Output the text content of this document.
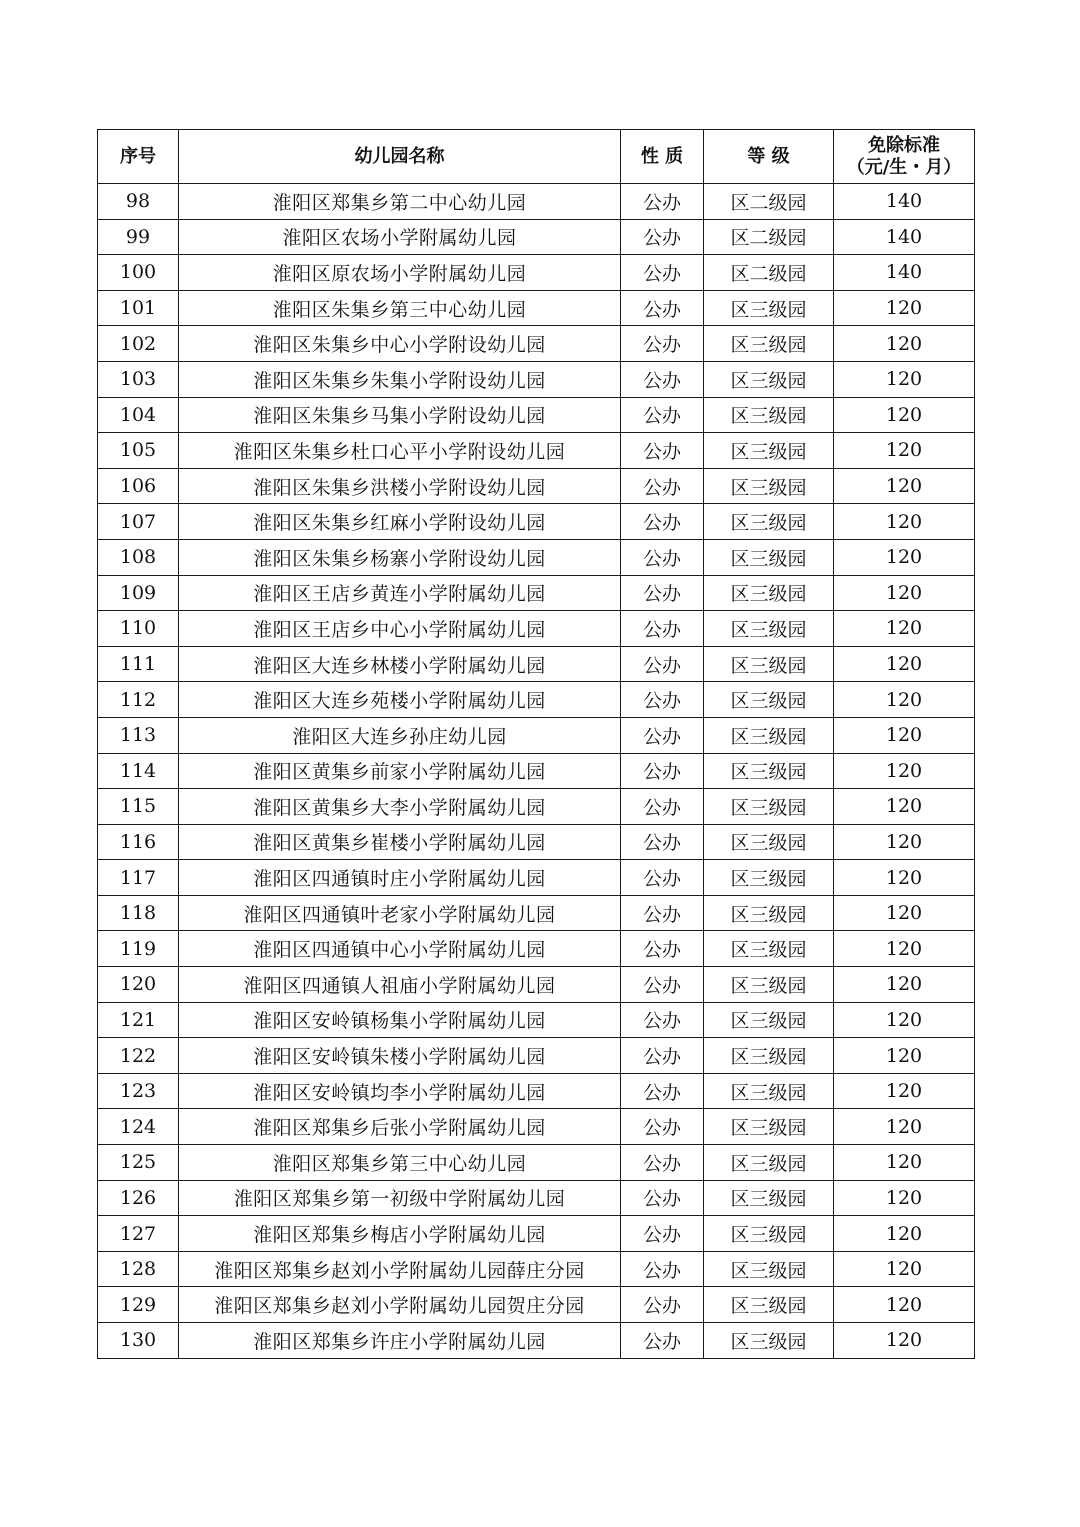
序号	幼儿园名称	性 质	等 级	免除标准
（元/生・月）

98	淮阳区郑集乡第二中心幼儿园	公办	区二级园	140
99	淮阳区农场小学附属幼儿园	公办	区二级园	140
100	淮阳区原农场小学附属幼儿园	公办	区二级园	140
101	淮阳区朱集乡第三中心幼儿园	公办	区三级园	120
102	淮阳区朱集乡中心小学附设幼儿园	公办	区三级园	120
103	淮阳区朱集乡朱集小学附设幼儿园	公办	区三级园	120
104	淮阳区朱集乡马集小学附设幼儿园	公办	区三级园	120
105	淮阳区朱集乡杜口心平小学附设幼儿园	公办	区三级园	120
106	淮阳区朱集乡洪楼小学附设幼儿园	公办	区三级园	120
107	淮阳区朱集乡红麻小学附设幼儿园	公办	区三级园	120
108	淮阳区朱集乡杨寨小学附设幼儿园	公办	区三级园	120
109	淮阳区王店乡黄连小学附属幼儿园	公办	区三级园	120
110	淮阳区王店乡中心小学附属幼儿园	公办	区三级园	120
111	淮阳区大连乡林楼小学附属幼儿园	公办	区三级园	120
112	淮阳区大连乡苑楼小学附属幼儿园	公办	区三级园	120
113	淮阳区大连乡孙庄幼儿园	公办	区三级园	120
114	淮阳区黄集乡前家小学附属幼儿园	公办	区三级园	120
115	淮阳区黄集乡大李小学附属幼儿园	公办	区三级园	120
116	淮阳区黄集乡崔楼小学附属幼儿园	公办	区三级园	120
117	淮阳区四通镇时庄小学附属幼儿园	公办	区三级园	120
118	淮阳区四通镇叶老家小学附属幼儿园	公办	区三级园	120
119	淮阳区四通镇中心小学附属幼儿园	公办	区三级园	120
120	淮阳区四通镇人祖庙小学附属幼儿园	公办	区三级园	120
121	淮阳区安岭镇杨集小学附属幼儿园	公办	区三级园	120
122	淮阳区安岭镇朱楼小学附属幼儿园	公办	区三级园	120
123	淮阳区安岭镇均李小学附属幼儿园	公办	区三级园	120
124	淮阳区郑集乡后张小学附属幼儿园	公办	区三级园	120
125	淮阳区郑集乡第三中心幼儿园	公办	区三级园	120
126	淮阳区郑集乡第一初级中学附属幼儿园	公办	区三级园	120
127	淮阳区郑集乡梅店小学附属幼儿园	公办	区三级园	120
128	淮阳区郑集乡赵刘小学附属幼儿园薛庄分园	公办	区三级园	120
129	淮阳区郑集乡赵刘小学附属幼儿园贺庄分园	公办	区三级园	120
130	淮阳区郑集乡许庄小学附属幼儿园	公办	区三级园	120
